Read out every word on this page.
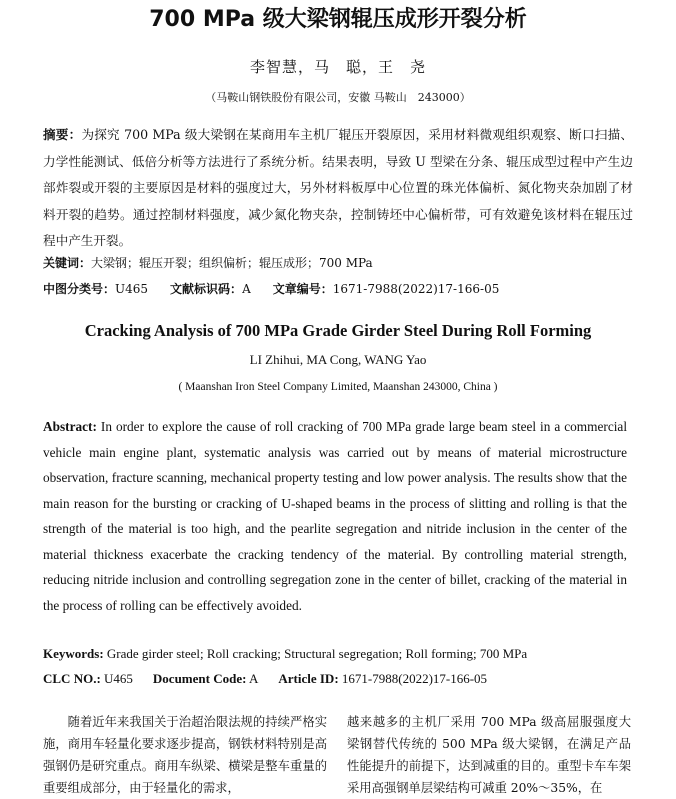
700 MPa 级大梁钢辊压成形开裂分析
李智慧，马　聪，王　尧
（马鞍山钢铁股份有限公司，安徽 马鞍山　243000）
摘要：为探究 700 MPa 级大梁钢在某商用车主机厂辊压开裂原因，采用材料微观组织观察、断口扫描、力学性能测试、低倍分析等方法进行了系统分析。结果表明，导致 U 型梁在分条、辊压成型过程中产生边部炸裂或开裂的主要原因是材料的强度过大，另外材料板厚中心位置的珠光体偏析、氮化物夹杂加剧了材料开裂的趋势。通过控制材料强度，减少氮化物夹杂，控制铸坯中心偏析带，可有效避免该材料在辊压过程中产生开裂。
关键词：大梁钢；辊压开裂；组织偏析；辊压成形；700 MPa
中图分类号：U465 文献标识码：A 文章编号：1671-7988(2022)17-166-05
Cracking Analysis of 700 MPa Grade Girder Steel During Roll Forming
LI Zhihui, MA Cong, WANG Yao
( Maanshan Iron Steel Company Limited, Maanshan 243000, China )
Abstract: In order to explore the cause of roll cracking of 700 MPa grade large beam steel in a commercial vehicle main engine plant, systematic analysis was carried out by means of material microstructure observation, fracture scanning, mechanical property testing and low power analysis. The results show that the main reason for the bursting or cracking of U-shaped beams in the process of slitting and rolling is that the strength of the material is too high, and the pearlite segregation and nitride inclusion in the center of the material thickness exacerbate the cracking tendency of the material. By controlling material strength, reducing nitride inclusion and controlling segregation zone in the center of billet, cracking of the material in the process of rolling can be effectively avoided.
Keywords: Grade girder steel; Roll cracking; Structural segregation; Roll forming; 700 MPa
CLC NO.: U465 Document Code: A Article ID: 1671-7988(2022)17-166-05
随着近年来我国关于治超治限法规的持续严格实施，商用车轻量化要求逐步提高，钢铁材料特别是高强钢仍是研究重点。商用车纵梁、横梁是整车重量的重要组成部分，由于轻量化的需求，
越来越多的主机厂采用 700 MPa 级高屈服强度大梁钢替代传统的 500 MPa 级大梁钢，在满足产品性能提升的前提下，达到减重的目的。重型卡车车架采用高强钢单层梁结构可减重 20%～35%，在
